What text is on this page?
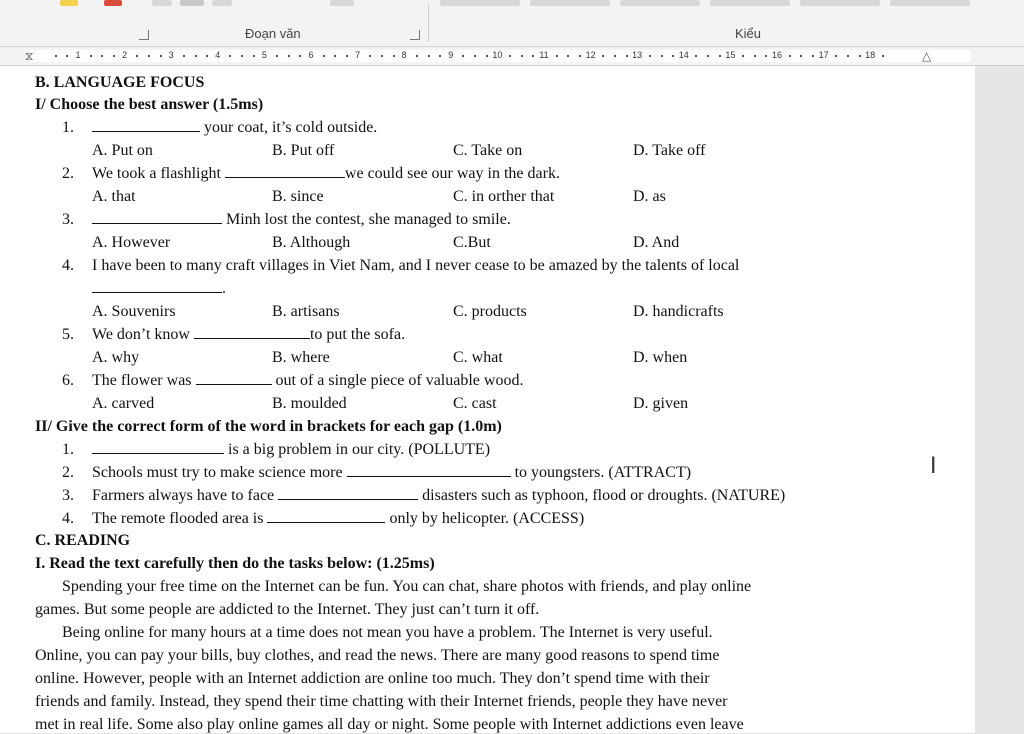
Đoạn văn	Kiểu
⧖	△
1	2	3	4	5	6	7	8	9	10	11	12	13	14	15	16	17	18
B. LANGUAGE FOCUS
I/ Choose the best answer (1.5ms)
1.	your coat, it’s cold outside.
A. Put on	B. Put off	C. Take on	D. Take off
2. We took a flashlight	we could see our way in the dark.
A. that	B. since	C. in orther that	D. as
3.	Minh lost the contest, she managed to smile.
A. However	B. Although	C.But	D. And
4. I have been to many craft villages in Viet Nam, and I never cease to be amazed by the talents of local
.
A. Souvenirs	B. artisans	C. products	D. handicrafts
5. We don’t know	to put the sofa.
A. why	B. where	C. what	D. when
6. The flower was	out of a single piece of valuable wood.
A. carved	B. moulded	C. cast	D. given
II/ Give the correct form of the word in brackets for each gap (1.0m)
1.	is a big problem in our city. (POLLUTE)
2. Schools must try to make science more	to youngsters. (ATTRACT)
3. Farmers always have to face	disasters such as typhoon, flood or droughts. (NATURE)
4. The remote flooded area is	only by helicopter. (ACCESS)
C. READING
I. Read the text carefully then do the tasks below: (1.25ms)
Spending your free time on the Internet can be fun. You can chat, share photos with friends, and play online
games. But some people are addicted to the Internet. They just can’t turn it off.
Being online for many hours at a time does not mean you have a problem. The Internet is very useful.
Online, you can pay your bills, buy clothes, and read the news. There are many good reasons to spend time
online. However, people with an Internet addiction are online too much. They don’t spend time with their
friends and family. Instead, they spend their time chatting with their Internet friends, people they have never
met in real life. Some also play online games all day or night. Some people with Internet addictions even leave
I
